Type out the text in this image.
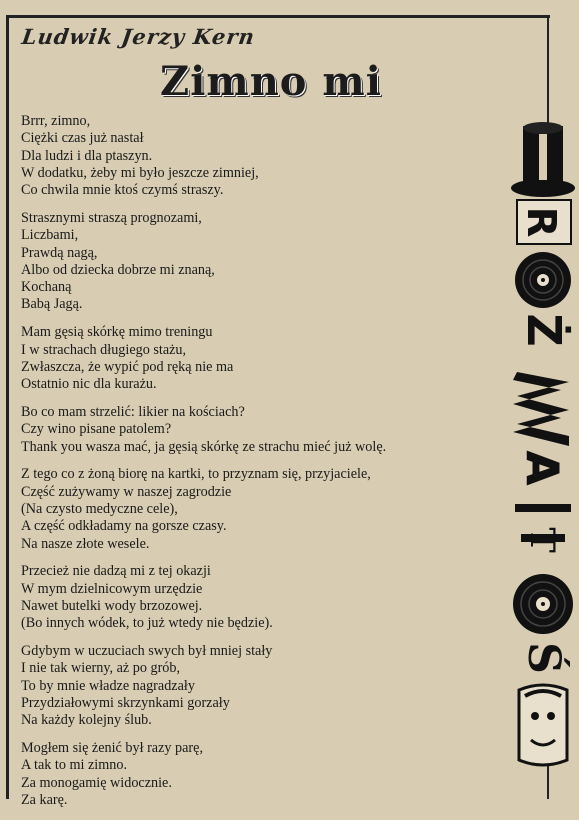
Ludwik Jerzy Kern
Zimno mi
Brrr, zimno,
Ciężki czas już nastał
Dla ludzi i dla ptaszyn.
W dodatku, żeby mi było jeszcze zimniej,
Co chwila mnie ktoś czymś straszy.
Strasznymi straszą prognozami,
Liczbami,
Prawdą nagą,
Albo od dziecka dobrze mi znaną,
Kochaną
Babą Jagą.
Mam gęsią skórkę mimo treningu
I w strachach długiego stażu,
Zwłaszcza, że wypić pod ręką nie ma
Ostatnio nic dla kurażu.
Bo co mam strzelić: likier na kościach?
Czy wino pisane patolem?
Thank you wasza mać, ja gęsią skórkę ze strachu mieć już wolę.
Z tego co z żoną biorę na kartki, to przyznam się, przyjaciele,
Część zużywamy w naszej zagrodzie
(Na czysto medyczne cele),
A część odkładamy na gorsze czasy.
Na nasze złote wesele.
Przecież nie dadzą mi z tej okazji
W mym dzielnicowym urzędzie
Nawet butelki wody brzozowej.
(Bo innych wódek, to już wtedy nie będzie).
Gdybym w uczuciach swych był mniej stały
I nie tak wierny, aż po grób,
To by mnie władze nagradzały
Przydziałowymi skrzynkami gorzały
Na każdy kolejny ślub.
Mogłem się żenić był razy parę,
A tak to mi zimno.
Za monogamię widocznie.
Za karę.
R
Ż
A
T
Ś
